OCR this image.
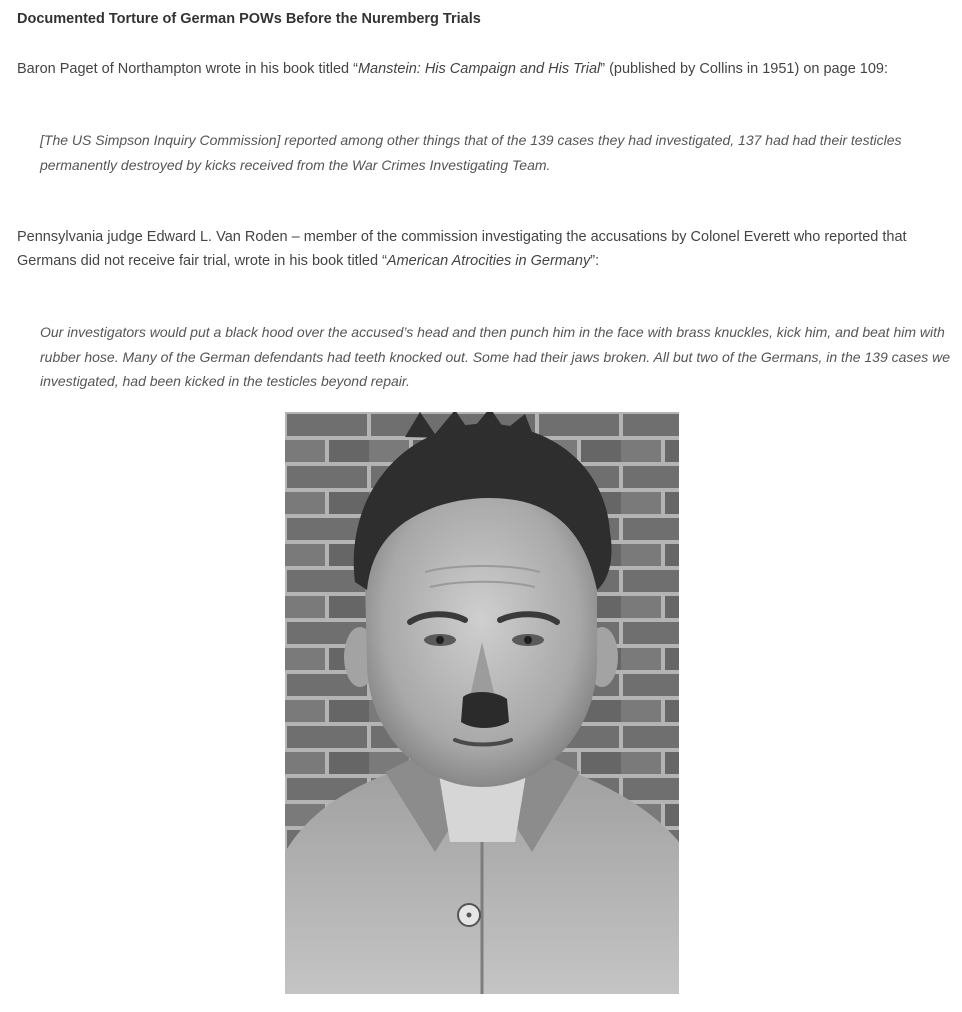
Documented Torture of German POWs Before the Nuremberg Trials

Baron Paget of Northampton wrote in his book titled “Manstein: His Campaign and His Trial” (published by Collins in 1951) on page 109:

[The US Simpson Inquiry Commission] reported among other things that of the 139 cases they had investigated, 137 had had their testicles
permanently destroyed by kicks received from the War Crimes Investigating Team.

Pennsylvania judge Edward L. Van Roden – member of the commission investigating the accusations by Colonel Everett who reported that
Germans did not receive fair trial, wrote in his book titled “American Atrocities in Germany”:

Our investigators would put a black hood over the accused’s head and then punch him in the face with brass knuckles, kick him, and beat him with
rubber hose. Many of the German defendants had teeth knocked out. Some had their jaws broken. All but two of the Germans, in the 139 cases we
investigated, had been kicked in the testicles beyond repair.
